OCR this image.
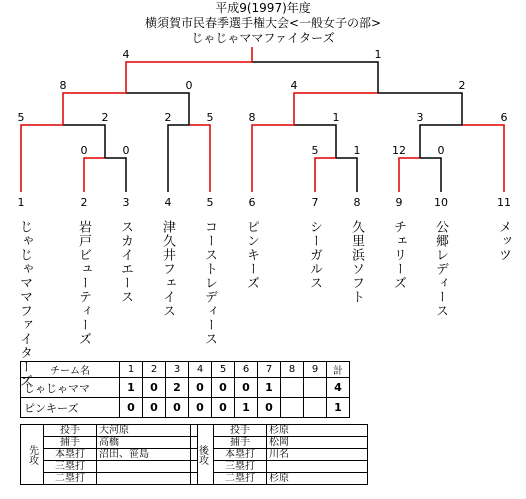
平成9(1997)年度
横須賀市民春季選手権大会<一般女子の部>
じゃじゃママファイターズ
4	1
8	0	4	2
5	2	2	5	8	1	3	6
0	0	5	1	12	0
1	2	3	4	5	6	7	8	9	10	11
じゃじゃママファイターズ	岩戸ビューティーズ スカイエース 津久井フェイス コーストレディース ピンキーズ	シーガルス 久里浜ソフト チェリーズ 公郷レディース	メッツ
チーム名	1	2	3	4	5	6	7	8	9	計
じゃじゃママ	1	0	2	0	0	0	1			4
ピンキーズ	0	0	0	0	0	1	0			1
先攻	投手	大河原
	捕手	高橋
	本塁打	沼田、笹島
	三塁打	
	二塁打	
後攻	投手	杉原
	捕手	松岡
	本塁打	川名
	三塁打	
	二塁打	杉原
